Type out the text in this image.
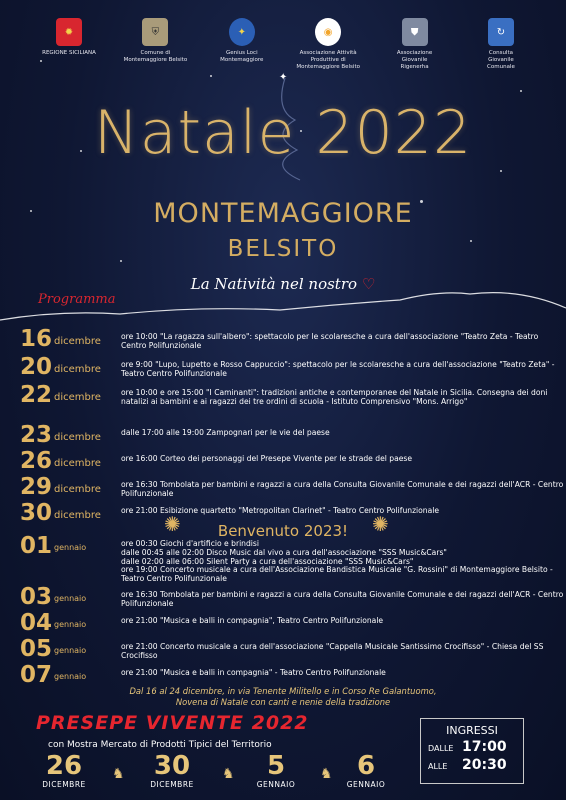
✹
REGIONE SICILIANA
⛨
Comune di
Montemaggiore Belsito
✦
Genius Loci
Montemaggiore
◉
Associazione Attività
Produttive di
Montemaggiore Belsito
⛊
Associazione
Giovanile
Rigenerha
↻
Consulta
Giovanile
Comunale
✦
Natale 2022
MONTEMAGGIORE
BELSITO
La Natività nel nostro ♡
Programma
16 dicembre	ore 10:00 "La ragazza sull'albero": spettacolo per le scolaresche a cura dell'associazione "Teatro Zeta - Teatro Centro Polifunzionale
20 dicembre	ore 9:00 "Lupo, Lupetto e Rosso Cappuccio": spettacolo per le scolaresche a cura dell'associazione "Teatro Zeta" - Teatro Centro Polifunzionale
22 dicembre	ore 10:00 e ore 15:00 "I Caminanti": tradizioni antiche e contemporanee del Natale in Sicilia. Consegna dei doni natalizi ai bambini e ai ragazzi dei tre ordini di scuola - Istituto Comprensivo "Mons. Arrigo"
23 dicembre	dalle 17:00 alle 19:00 Zampognari per le vie del paese
26 dicembre	ore 16:00 Corteo dei personaggi del Presepe Vivente per le strade del paese
29 dicembre	ore 16:30 Tombolata per bambini e ragazzi a cura della Consulta Giovanile Comunale e dei ragazzi dell'ACR - Centro Polifunzionale
30 dicembre	ore 21:00 Esibizione quartetto "Metropolitan Clarinet" - Teatro Centro Polifunzionale
01 gennaio	ore 00:30 Giochi d'artificio e brindisi
dalle 00:45 alle 02:00 Disco Music dal vivo a cura dell'associazione "SSS Music&Cars"
dalle 02:00 alle 06:00 Silent Party a cura dell'associazione "SSS Music&Cars"
ore 19:00 Concerto musicale a cura dell'Associazione Bandistica Musicale "G. Rossini" di Montemaggiore Belsito - Teatro Centro Polifunzionale
03 gennaio	ore 16:30 Tombolata per bambini e ragazzi a cura della Consulta Giovanile Comunale e dei ragazzi dell'ACR - Centro Polifunzionale
04 gennaio	ore 21:00 "Musica e balli in compagnia", Teatro Centro Polifunzionale
05 gennaio	ore 21:00 Concerto musicale a cura dell'associazione "Cappella Musicale Santissimo Crocifisso" - Chiesa del SS Crocifisso
07 gennaio	ore 21:00 "Musica e balli in compagnia" - Teatro Centro Polifunzionale
✺	Benvenuto 2023!	✺
Dal 16 al 24 dicembre, in via Tenente Militello e in Corso Re Galantuomo,
Novena di Natale con canti e nenie della tradizione
PRESEPE VIVENTE 2022
con Mostra Mercato di Prodotti Tipici del Territorio
26
DICEMBRE
♞	30
DICEMBRE
♞	5
GENNAIO
♞ 6
GENNAIO
INGRESSI
DALLE 17:00
ALLE	20:30
